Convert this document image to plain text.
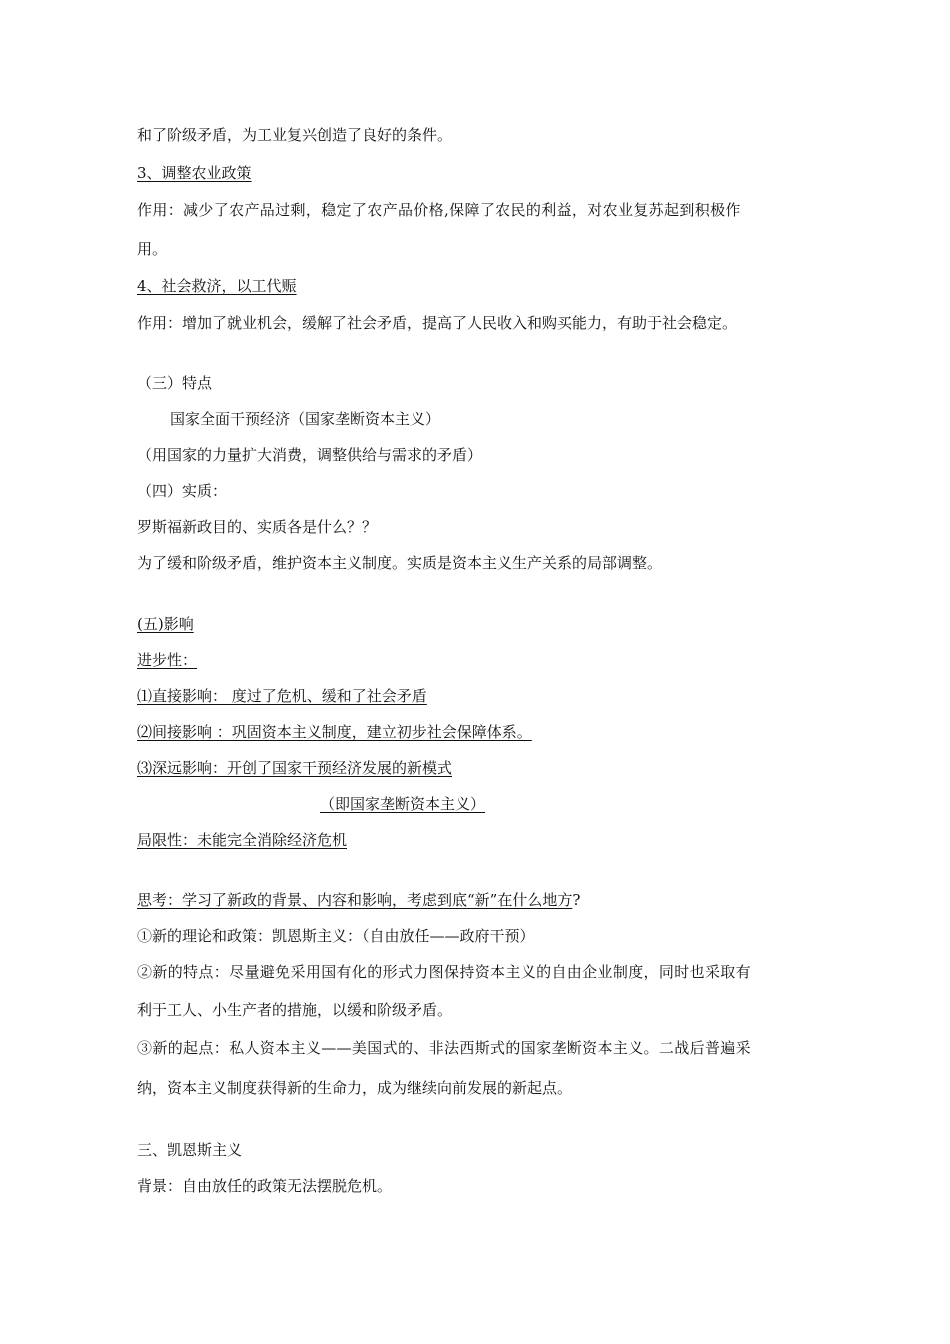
和了阶级矛盾，为工业复兴创造了良好的条件。

3、调整农业政策

作用：减少了农产品过剩，稳定了农产品价格,保障了农民的利益，对农业复苏起到积极作

用。

4、社会救济，以工代赈

作用：增加了就业机会，缓解了社会矛盾，提高了人民收入和购买能力，有助于社会稳定。

（三）特点

国家全面干预经济（国家垄断资本主义）

（用国家的力量扩大消费，调整供给与需求的矛盾）

（四）实质：

罗斯福新政目的、实质各是什么？？

为了缓和阶级矛盾，维护资本主义制度。实质是资本主义生产关系的局部调整。

(五)影响

进步性：

⑴直接影响： 度过了危机、缓和了社会矛盾

⑵间接影响 ：巩固资本主义制度，建立初步社会保障体系。

⑶深远影响：开创了国家干预经济发展的新模式

（即国家垄断资本主义）

局限性：未能完全消除经济危机

思考：学习了新政的背景、内容和影响，考虑到底“新”在什么地方?

①新的理论和政策：凯恩斯主义：（自由放任——政府干预）

②新的特点：尽量避免采用国有化的形式力图保持资本主义的自由企业制度，同时也采取有

利于工人、小生产者的措施，以缓和阶级矛盾。

③新的起点：私人资本主义——美国式的、非法西斯式的国家垄断资本主义。二战后普遍采

纳，资本主义制度获得新的生命力，成为继续向前发展的新起点。

三、凯恩斯主义

背景：自由放任的政策无法摆脱危机。
